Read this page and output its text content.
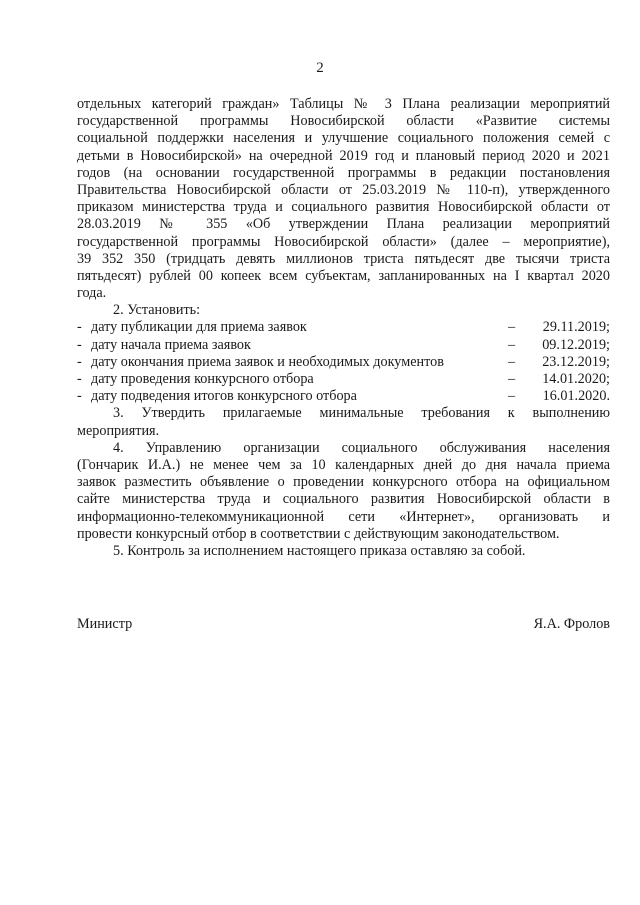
2
отдельных категорий граждан» Таблицы № 3 Плана реализации мероприятий
государственной программы Новосибирской области «Развитие системы
социальной поддержки населения и улучшение социального положения семей с
детьми в Новосибирской» на очередной 2019 год и плановый период 2020 и 2021
годов (на основании государственной программы в редакции постановления
Правительства Новосибирской области от 25.03.2019 № 110-п), утвержденного
приказом министерства труда и социального развития Новосибирской области от
28.03.2019 № 355 «Об утверждении Плана реализации мероприятий
государственной программы Новосибирской области» (далее – мероприятие),
39 352 350 (тридцать девять миллионов триста пятьдесят две тысячи триста
пятьдесят) рублей 00 копеек всем субъектам, запланированных на I квартал 2020
года.
2. Установить:
- дату публикации для приема заявок	– 29.11.2019;
- дату начала приема заявок	– 09.12.2019;
- дату окончания приема заявок и необходимых документов	– 23.12.2019;
- дату проведения конкурсного отбора	– 14.01.2020;
- дату подведения итогов конкурсного отбора	– 16.01.2020.
3. Утвердить прилагаемые минимальные требования к выполнению
мероприятия.
4. Управлению организации социального обслуживания населения
(Гончарик И.А.) не менее чем за 10 календарных дней до дня начала приема
заявок разместить объявление о проведении конкурсного отбора на официальном
сайте министерства труда и социального развития Новосибирской области в
информационно-телекоммуникационной сети «Интернет», организовать и
провести конкурсный отбор в соответствии с действующим законодательством.
5. Контроль за исполнением настоящего приказа оставляю за собой.
Министр	Я.А. Фролов
